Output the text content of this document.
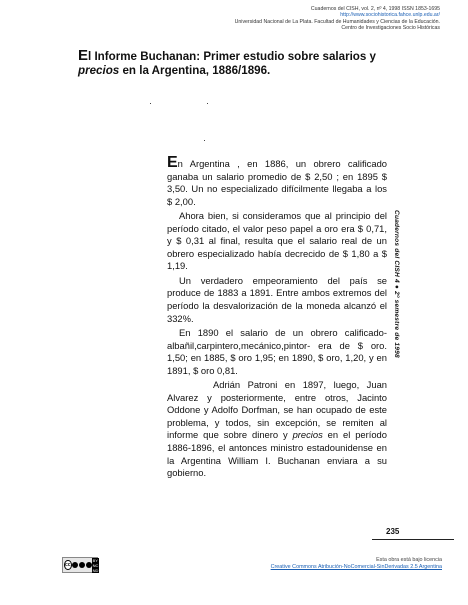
Cuadernos del CISH, vol. 2, nº 4, 1998 ISSN 1853-1695
http://www.sociohistorica.fahce.unlp.edu.ar/
Universidad Nacional de La Plata. Facultad de Humanidades y Ciencias de la Educación.
Centro de Investigaciones Socio Históricas
El Informe Buchanan: Primer estudio sobre salarios y
precios en la Argentina, 1886/1896.

En Argentina , en 1886, un obrero calificado ganaba un salario promedio de $ 2,50 ; en 1895 $ 3,50. Un no especializado difícilmente llegaba a los $ 2,00.

Ahora bien, si consideramos que al principio del período citado, el valor peso papel a oro era $ 0,71, y $ 0,31 al final, resulta que el salario real de un obrero especializado había decrecido de $ 1,80 a $ 1,19.

Un verdadero empeoramiento del país se produce de 1883 a 1891. Entre ambos extremos del período la desvalorización de la moneda alcanzó el 332%.

En 1890 el salario de un obrero calificado-albañil,carpintero,mecánico,pintor- era de $ oro. 1,50; en 1885, $ oro 1,95; en 1890, $ oro, 1,20, y en 1891, $ oro 0,81.

Adrián Patroni en 1897, luego, Juan Alvarez y posteriormente, entre otros, Jacinto Oddone y Adolfo Dorfman, se han ocupado de este problema, y todos, sin excepción, se remiten al informe que sobre dinero y precios en el período 1886-1896, el antonces ministro estadounidense en la Argentina William I. Buchanan enviara a su gobierno.

Cuadernos del CISH 4 ● 2º semestre de 1998
235
cc
BY NC ND
Esta obra está bajo licencia
Creative Commons Atribución-NoComercial-SinDerivadas 2.5 Argentina
